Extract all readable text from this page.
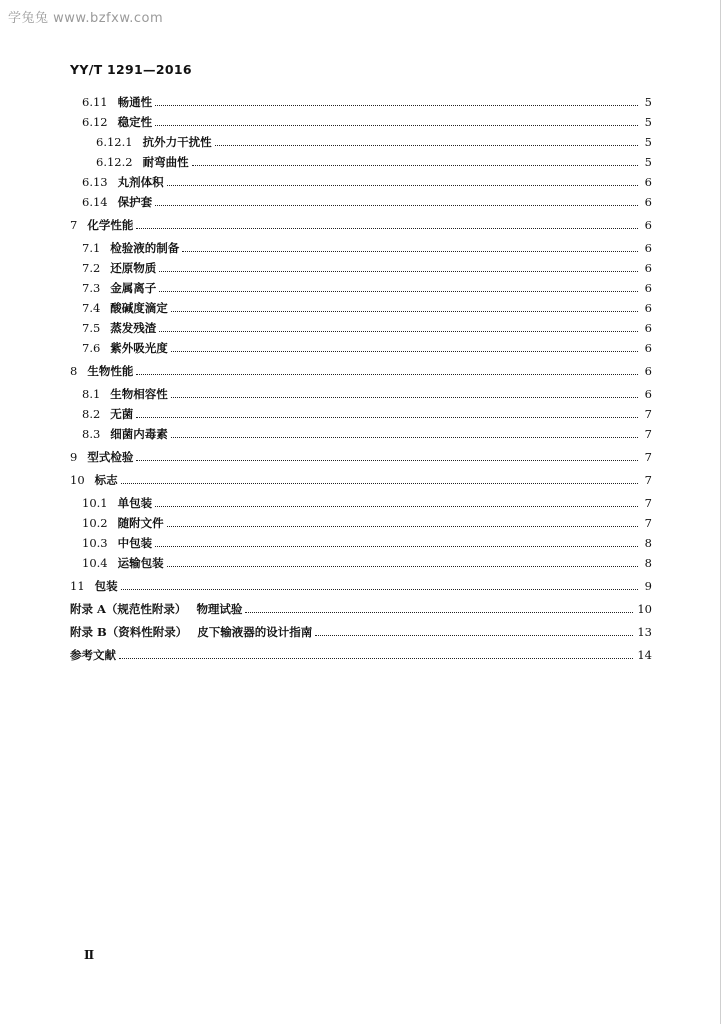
学兔兔 www.bzfxw.com
YY/T 1291—2016
6.11 畅通性	5
6.12 稳定性	5
6.12.1 抗外力干扰性	5
6.12.2 耐弯曲性	5
6.13 丸剂体积	6
6.14 保护套	6
7 化学性能	6
7.1 检验液的制备	6
7.2 还原物质	6
7.3 金属离子	6
7.4 酸碱度滴定	6
7.5 蒸发残渣	6
7.6 紫外吸光度	6
8 生物性能	6
8.1 生物相容性	6
8.2 无菌	7
8.3 细菌内毒素	7
9 型式检验	7
10 标志	7
10.1 单包装	7
10.2 随附文件	7
10.3 中包装	8
10.4 运输包装	8
11 包装	9
附录 A（规范性附录） 物理试验	10
附录 B（资料性附录） 皮下输液器的设计指南	13
参考文献	14
Ⅱ
